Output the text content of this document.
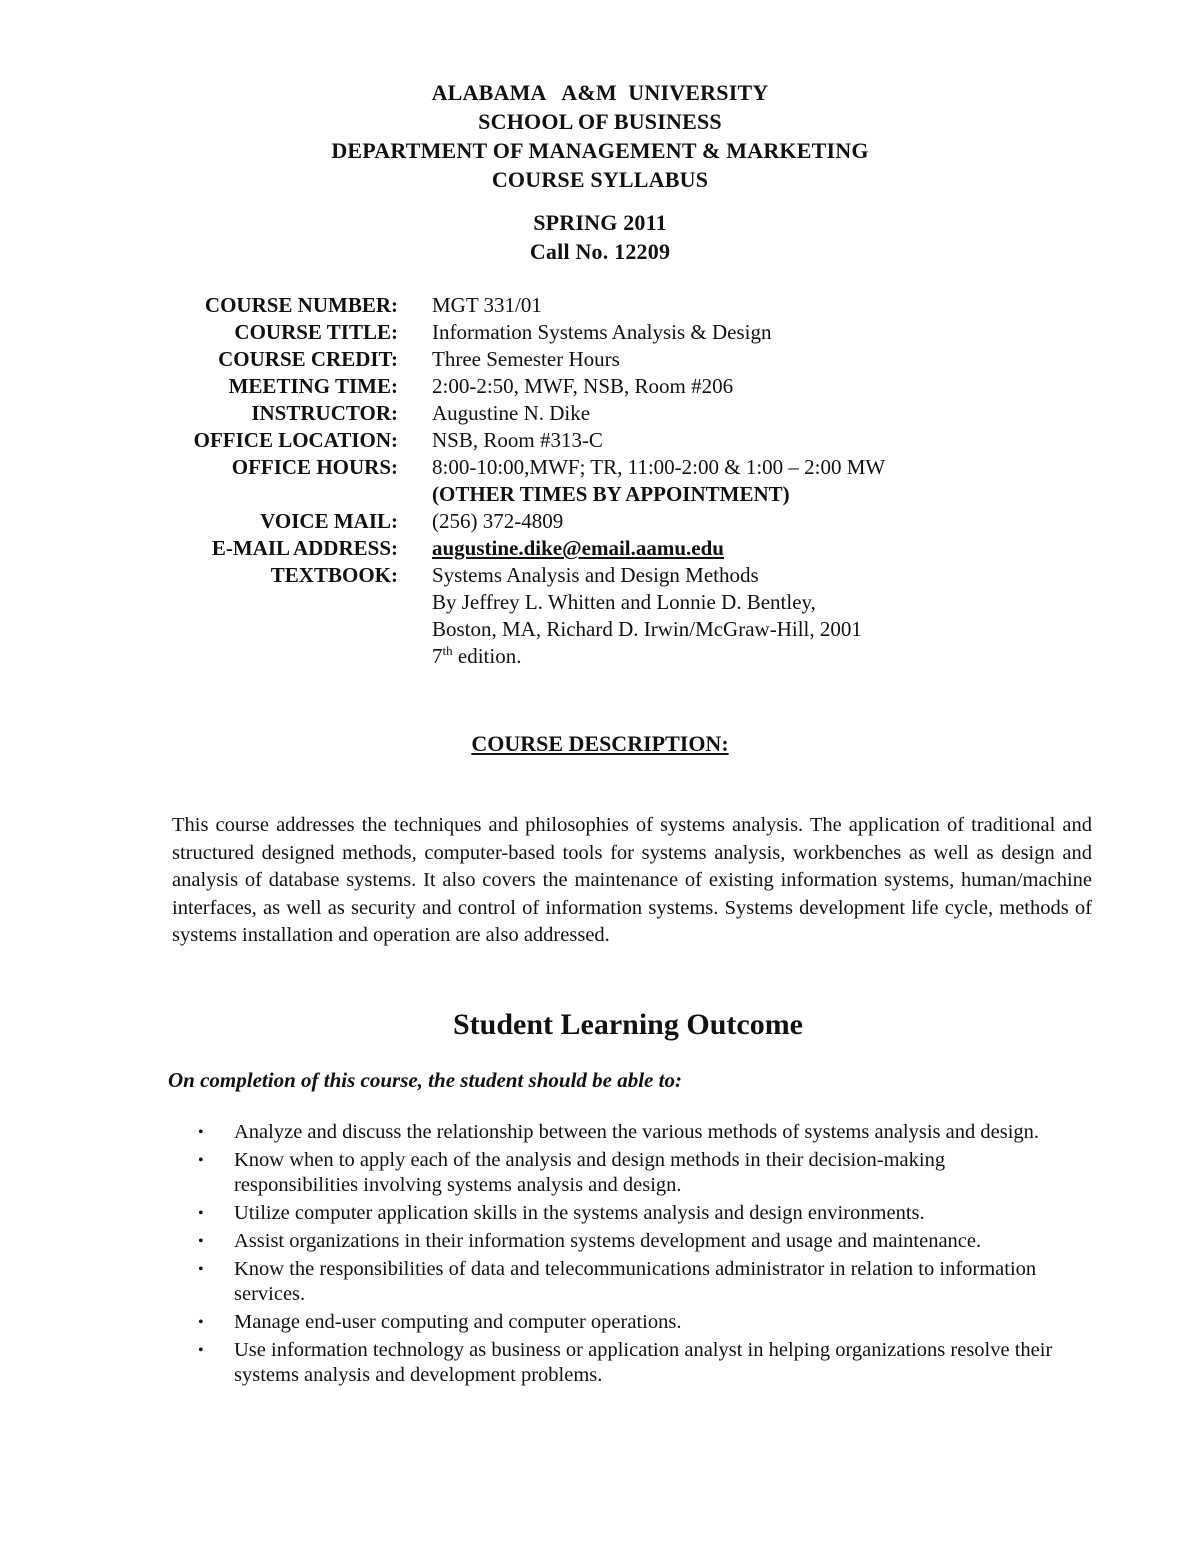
ALABAMA   A&M  UNIVERSITY
SCHOOL OF BUSINESS
DEPARTMENT OF MANAGEMENT & MARKETING
COURSE SYLLABUS
SPRING 2011
Call No. 12209
COURSE NUMBER:	MGT 331/01
COURSE TITLE:	Information Systems Analysis & Design
COURSE CREDIT:	Three Semester Hours
MEETING TIME:	2:00-2:50, MWF, NSB, Room #206
INSTRUCTOR:	Augustine N. Dike
OFFICE LOCATION:	NSB, Room #313-C
OFFICE HOURS:	8:00-10:00,MWF; TR, 11:00-2:00 & 1:00 – 2:00 MW
(OTHER TIMES BY APPOINTMENT)
VOICE MAIL:	(256) 372-4809
E-MAIL ADDRESS:	augustine.dike@email.aamu.edu
TEXTBOOK:	Systems Analysis and Design Methods
By Jeffrey L. Whitten and Lonnie D. Bentley,
Boston, MA, Richard D. Irwin/McGraw-Hill, 2001
7th edition.
COURSE DESCRIPTION:
This course addresses the techniques and philosophies of systems analysis. The application of traditional and structured designed methods, computer-based tools for systems analysis, workbenches as well as design and analysis of database systems. It also covers the maintenance of existing information systems, human/machine interfaces, as well as security and control of information systems. Systems development life cycle, methods of systems installation and operation are also addressed.
Student Learning Outcome
On completion of this course, the student should be able to:
•	Analyze and discuss the relationship between the various methods of systems analysis and design.
•	Know when to apply each of the analysis and design methods in their decision-making responsibilities involving systems analysis and design.
•	Utilize computer application skills in the systems analysis and design environments.
•	Assist organizations in their information systems development and usage and maintenance.
•	Know the responsibilities of data and telecommunications administrator in relation to information services.
•	Manage end-user computing and computer operations.
•	Use information technology as business or application analyst in helping organizations resolve their systems analysis and development problems.
